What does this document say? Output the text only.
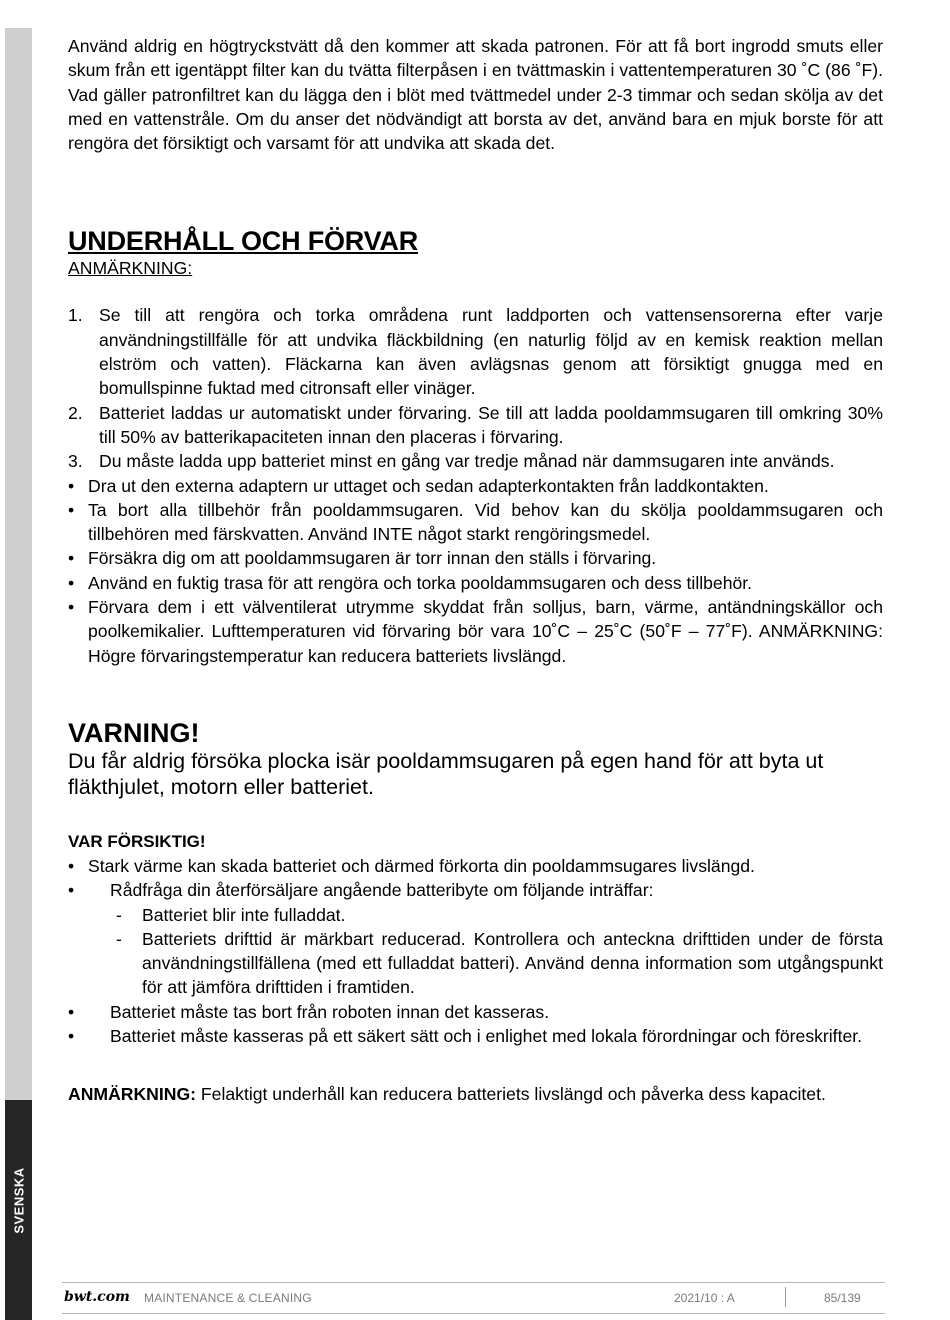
SVENSKA

Använd aldrig en högtryckstvätt då den kommer att skada patronen. För att få bort ingrodd smuts eller skum från ett igentäppt filter kan du tvätta filterpåsen i en tvättmaskin i vattentemperaturen 30 ˚C (86 ˚F). Vad gäller patronfiltret kan du lägga den i blöt med tvättmedel under 2-3 timmar och sedan skölja av det med en vattenstråle. Om du anser det nödvändigt att borsta av det, använd bara en mjuk borste för att rengöra det försiktigt och varsamt för att undvika att skada det.

UNDERHÅLL OCH FÖRVAR

ANMÄRKNING:

1. Se till att rengöra och torka områdena runt laddporten och vattensensorerna efter varje användningstillfälle för att undvika fläckbildning (en naturlig följd av en kemisk reaktion mellan elström och vatten). Fläckarna kan även avlägsnas genom att försiktigt gnugga med en bomullspinne fuktad med citronsaft eller vinäger.
2. Batteriet laddas ur automatiskt under förvaring. Se till att ladda pooldammsugaren till omkring 30% till 50% av batterikapaciteten innan den placeras i förvaring.
3. Du måste ladda upp batteriet minst en gång var tredje månad när dammsugaren inte används.
• Dra ut den externa adaptern ur uttaget och sedan adapterkontakten från laddkontakten.
• Ta bort alla tillbehör från pooldammsugaren. Vid behov kan du skölja pooldammsugaren och tillbehören med färskvatten. Använd INTE något starkt rengöringsmedel.
• Försäkra dig om att pooldammsugaren är torr innan den ställs i förvaring.
• Använd en fuktig trasa för att rengöra och torka pooldammsugaren och dess tillbehör.
• Förvara dem i ett välventilerat utrymme skyddat från solljus, barn, värme, antändningskällor och poolkemikalier. Lufttemperaturen vid förvaring bör vara 10˚C – 25˚C (50˚F – 77˚F). ANMÄRKNING: Högre förvaringstemperatur kan reducera batteriets livslängd.
VARNING!

Du får aldrig försöka plocka isär pooldammsugaren på egen hand för att byta ut fläkthjulet, motorn eller batteriet.

VAR FÖRSIKTIG!

• Stark värme kan skada batteriet och därmed förkorta din pooldammsugares livslängd.
•	Rådfråga din återförsäljare angående batteribyte om följande inträffar:
-	Batteriet blir inte fulladdat.
-	Batteriets drifttid är märkbart reducerad. Kontrollera och anteckna drifttiden under de första användningstillfällena (med ett fulladdat batteri). Använd denna information som utgångspunkt för att jämföra drifttiden i framtiden.
•	Batteriet måste tas bort från roboten innan det kasseras.
•	Batteriet måste kasseras på ett säkert sätt och i enlighet med lokala förordningar och föreskrifter.

ANMÄRKNING: Felaktigt underhåll kan reducera batteriets livslängd och påverka dess kapacitet.

bwt.com MAINTENANCE & CLEANING	2021/10 : A	85/139
